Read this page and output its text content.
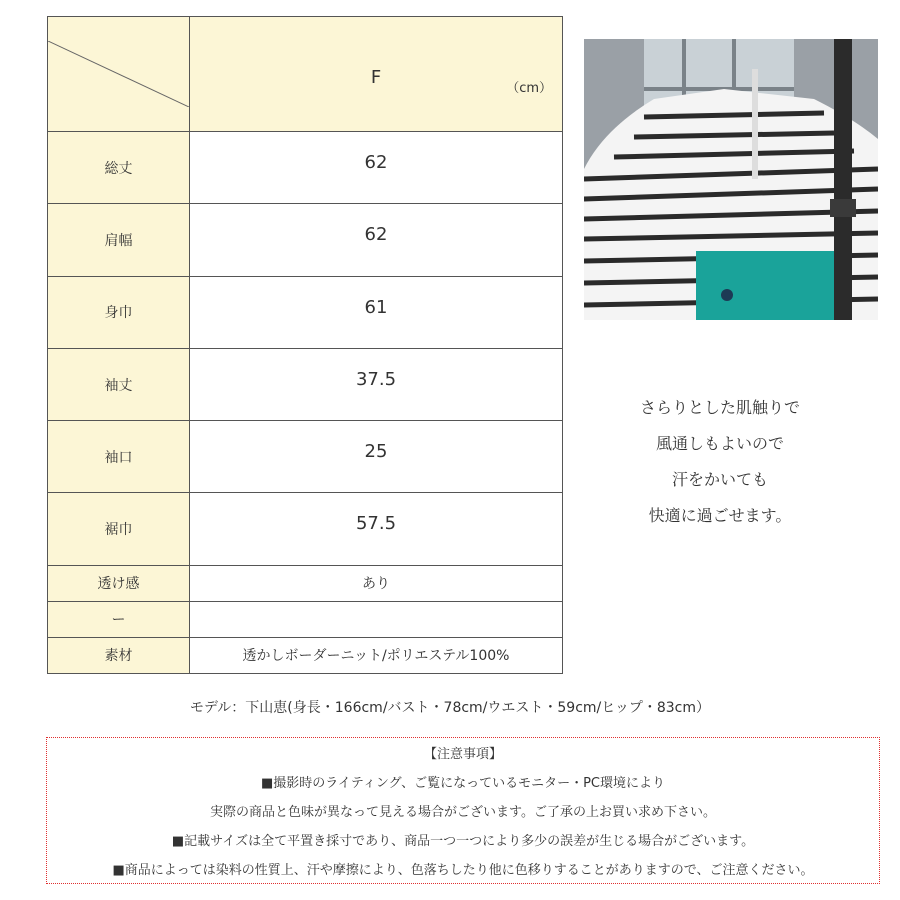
F
（cm）

総丈	62
肩幅	62
身巾	61
袖丈	37.5
袖口	25
裾巾	57.5
透け感	あり
ー	
素材	透かしボーダーニット/ポリエステル100%
さらりとした肌触りで
風通しもよいので
汗をかいても
快適に過ごせます。
モデル：下山恵(身長・166cm/バスト・78cm/ウエスト・59cm/ヒップ・83cm）
【注意事項】
■撮影時のライティング、ご覧になっているモニター・PC環境により
実際の商品と色味が異なって見える場合がございます。ご了承の上お買い求め下さい。
■記載サイズは全て平置き採寸であり、商品一つ一つにより多少の誤差が生じる場合がございます。
■商品によっては染料の性質上、汗や摩擦により、色落ちしたり他に色移りすることがありますので、ご注意ください。
